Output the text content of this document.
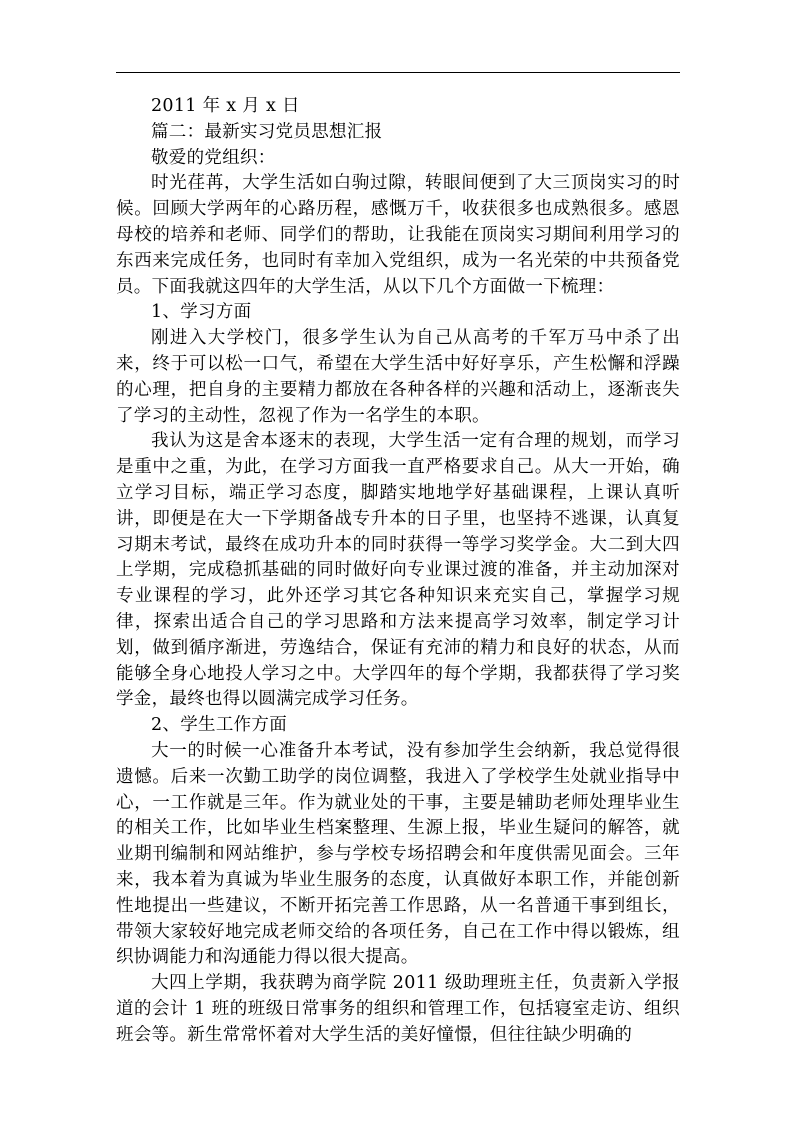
2011 年 x 月 x 日

篇二：最新实习党员思想汇报

敬爱的党组织：

时光荏苒，大学生活如白驹过隙，转眼间便到了大三顶岗实习的时候。回顾大学两年的心路历程，感慨万千，收获很多也成熟很多。感恩母校的培养和老师、同学们的帮助，让我能在顶岗实习期间利用学习的东西来完成任务，也同时有幸加入党组织，成为一名光荣的中共预备党员。下面我就这四年的大学生活，从以下几个方面做一下梳理：

1、学习方面

刚进入大学校门，很多学生认为自己从高考的千军万马中杀了出来，终于可以松一口气，希望在大学生活中好好享乐，产生松懈和浮躁的心理，把自身的主要精力都放在各种各样的兴趣和活动上，逐渐丧失了学习的主动性，忽视了作为一名学生的本职。

我认为这是舍本逐末的表现，大学生活一定有合理的规划，而学习是重中之重，为此，在学习方面我一直严格要求自己。从大一开始，确立学习目标，端正学习态度，脚踏实地地学好基础课程，上课认真听讲，即便是在大一下学期备战专升本的日子里，也坚持不逃课，认真复习期末考试，最终在成功升本的同时获得一等学习奖学金。大二到大四上学期，完成稳抓基础的同时做好向专业课过渡的准备，并主动加深对专业课程的学习，此外还学习其它各种知识来充实自己，掌握学习规律，探索出适合自己的学习思路和方法来提高学习效率，制定学习计划，做到循序渐进，劳逸结合，保证有充沛的精力和良好的状态，从而能够全身心地投人学习之中。大学四年的每个学期，我都获得了学习奖学金，最终也得以圆满完成学习任务。

2、学生工作方面

大一的时候一心准备升本考试，没有参加学生会纳新，我总觉得很遗憾。后来一次勤工助学的岗位调整，我进入了学校学生处就业指导中心，一工作就是三年。作为就业处的干事，主要是辅助老师处理毕业生的相关工作，比如毕业生档案整理、生源上报，毕业生疑问的解答，就业期刊编制和网站维护，参与学校专场招聘会和年度供需见面会。三年来，我本着为真诚为毕业生服务的态度，认真做好本职工作，并能创新性地提出一些建议，不断开拓完善工作思路，从一名普通干事到组长，带领大家较好地完成老师交给的各项任务，自己在工作中得以锻炼，组织协调能力和沟通能力得以很大提高。

大四上学期，我获聘为商学院 2011 级助理班主任，负责新入学报道的会计 1 班的班级日常事务的组织和管理工作，包括寝室走访、组织班会等。新生常常怀着对大学生活的美好憧憬，但往往缺少明确的
